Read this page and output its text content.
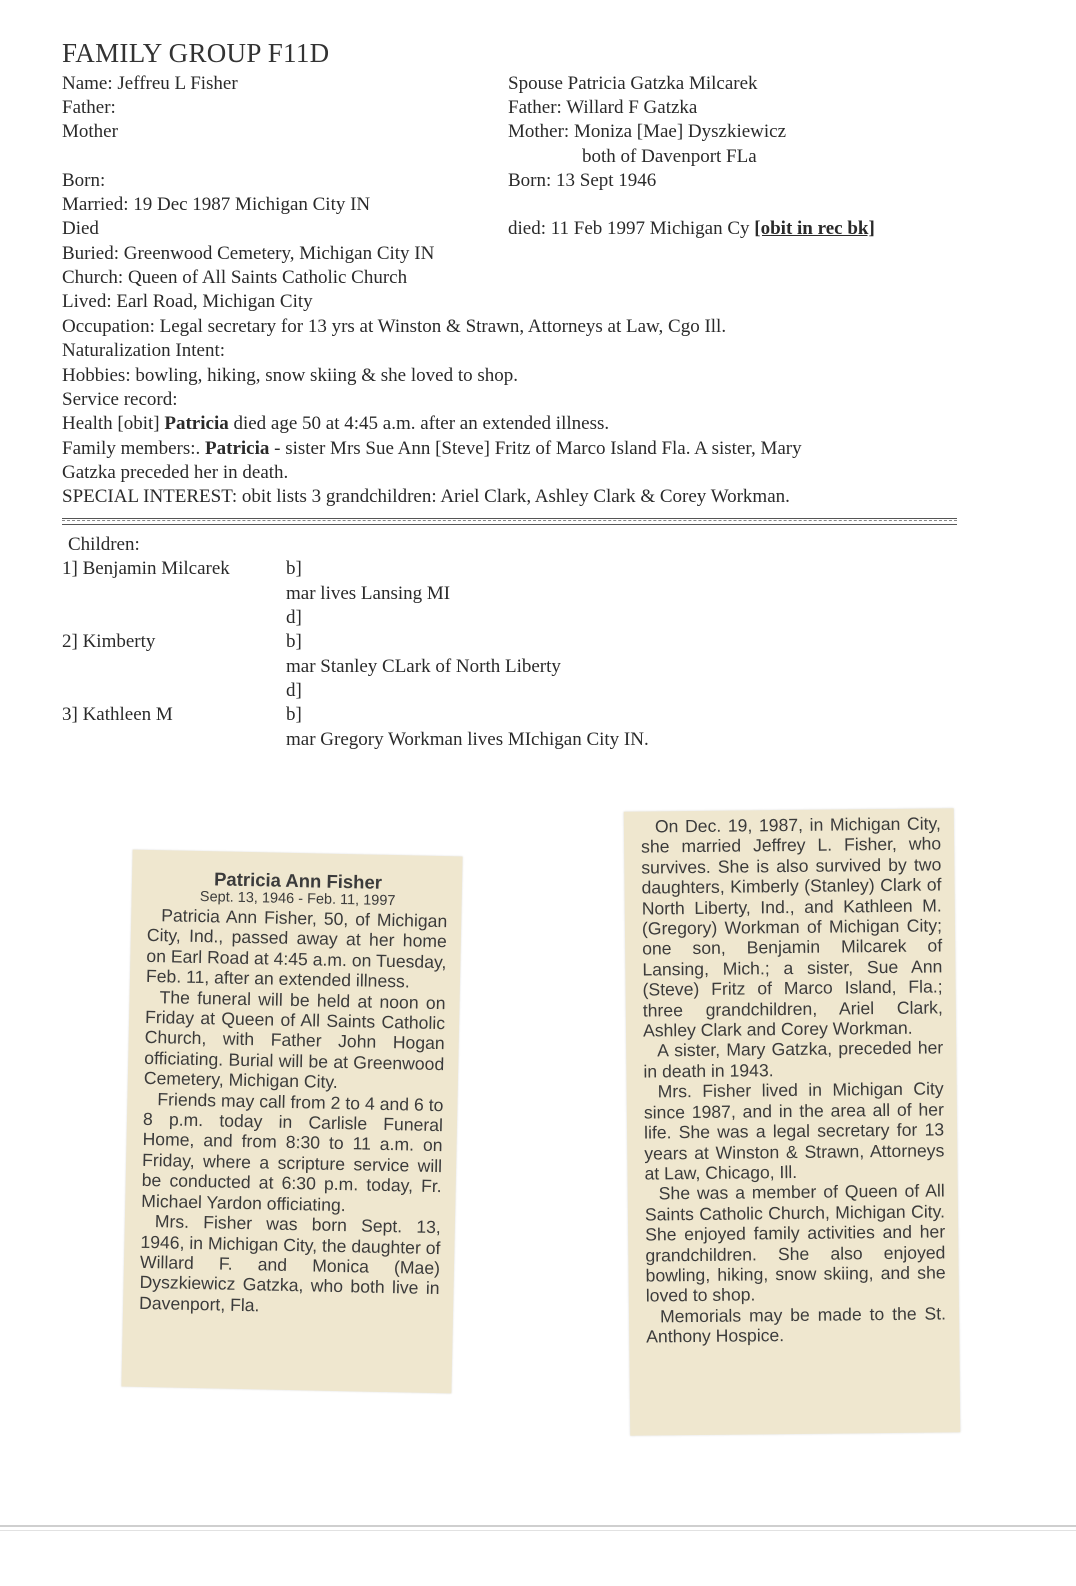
FAMILY GROUP F11D
Name: Jeffreu L Fisher
Father:
Mother
Born:
Married: 19 Dec 1987 Michigan City IN
Died
Buried: Greenwood Cemetery, Michigan City IN
Church: Queen of All Saints Catholic Church
Lived: Earl Road, Michigan City
Occupation: Legal secretary for 13 yrs at Winston & Strawn, Attorneys at Law, Cgo Ill.
Naturalization Intent:
Hobbies: bowling, hiking, snow skiing & she loved to shop.
Service record:
Health [obit] Patricia died age 50 at 4:45 a.m. after an extended illness.
Family members:. Patricia - sister Mrs Sue Ann [Steve] Fritz of Marco Island Fla. A sister, Mary
Gatzka preceded her in death.
SPECIAL INTEREST: obit lists 3 grandchildren: Ariel Clark, Ashley Clark & Corey Workman.
Spouse Patricia Gatzka Milcarek
Father: Willard F Gatzka
Mother: Moniza [Mae] Dyszkiewicz
both of Davenport FLa
Born: 13 Sept 1946
died: 11 Feb 1997 Michigan Cy [obit in rec bk]
Children:
1] Benjamin Milcarek	b]
mar lives Lansing MI
d]
2] Kimberty	b]
mar Stanley CLark of North Liberty
d]
3] Kathleen M	b]
mar Gregory Workman lives MIchigan City IN.
Patricia Ann Fisher
Sept. 13, 1946 - Feb. 11, 1997

Patricia Ann Fisher, 50, of Michigan City, Ind., passed away at her home on Earl Road at 4:45 a.m. on Tuesday, Feb. 11, after an extended illness.

The funeral will be held at noon on Friday at Queen of All Saints Catholic Church, with Father John Hogan officiating. Burial will be at Greenwood Cemetery, Michigan City.

Friends may call from 2 to 4 and 6 to 8 p.m. today in Carlisle Funeral Home, and from 8:30 to 11 a.m. on Friday, where a scripture service will be conducted at 6:30 p.m. today, Fr. Michael Yardon officiating.

Mrs. Fisher was born Sept. 13, 1946, in Michigan City, the daughter of Willard F. and Monica (Mae) Dyszkiewicz Gatzka, who both live in Davenport, Fla.

On Dec. 19, 1987, in Michigan City, she married Jeffrey L. Fisher, who survives. She is also survived by two daughters, Kimberly (Stanley) Clark of North Liberty, Ind., and Kathleen M. (Gregory) Workman of Michigan City; one son, Benjamin Milcarek of Lansing, Mich.; a sister, Sue Ann (Steve) Fritz of Marco Island, Fla.; three grandchildren, Ariel Clark, Ashley Clark and Corey Workman.

A sister, Mary Gatzka, preceded her in death in 1943.

Mrs. Fisher lived in Michigan City since 1987, and in the area all of her life. She was a legal secretary for 13 years at Winston & Strawn, Attorneys at Law, Chicago, Ill.

She was a member of Queen of All Saints Catholic Church, Michigan City. She enjoyed family activities and her grandchildren. She also enjoyed bowling, hiking, snow skiing, and she loved to shop.

Memorials may be made to the St. Anthony Hospice.
